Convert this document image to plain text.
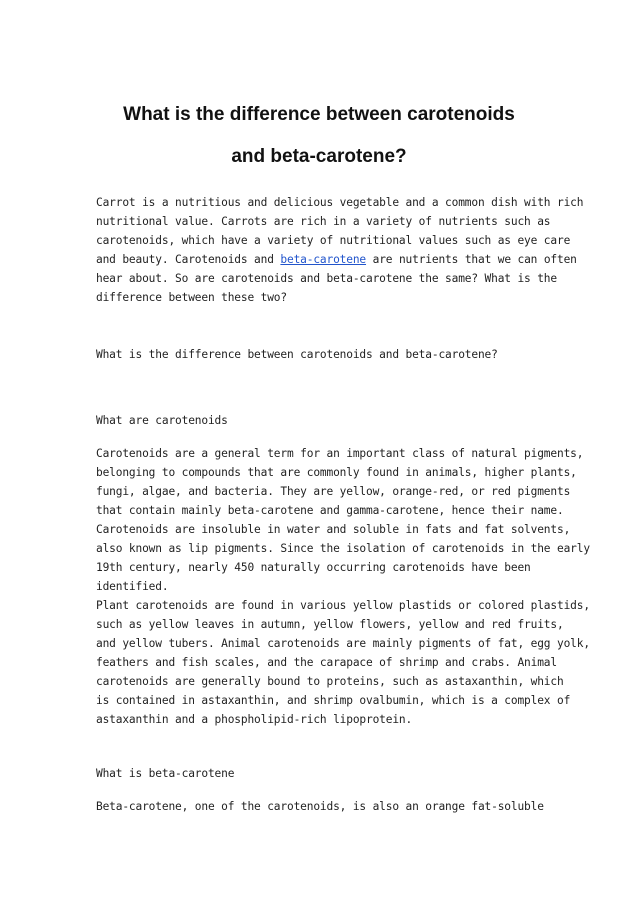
What is the difference between carotenoids
and beta-carotene?
Carrot is a nutritious and delicious vegetable and a common dish with rich
nutritional value. Carrots are rich in a variety of nutrients such as
carotenoids, which have a variety of nutritional values such as eye care
and beauty. Carotenoids and beta-carotene are nutrients that we can often
hear about. So are carotenoids and beta-carotene the same? What is the
difference between these two?
What is the difference between carotenoids and beta-carotene?
What are carotenoids
Carotenoids are a general term for an important class of natural pigments,
belonging to compounds that are commonly found in animals, higher plants,
fungi, algae, and bacteria. They are yellow, orange-red, or red pigments
that contain mainly beta-carotene and gamma-carotene, hence their name.
Carotenoids are insoluble in water and soluble in fats and fat solvents,
also known as lip pigments. Since the isolation of carotenoids in the early
19th century, nearly 450 naturally occurring carotenoids have been
identified.
Plant carotenoids are found in various yellow plastids or colored plastids,
such as yellow leaves in autumn, yellow flowers, yellow and red fruits,
and yellow tubers. Animal carotenoids are mainly pigments of fat, egg yolk,
feathers and fish scales, and the carapace of shrimp and crabs. Animal
carotenoids are generally bound to proteins, such as astaxanthin, which
is contained in astaxanthin, and shrimp ovalbumin, which is a complex of
astaxanthin and a phospholipid-rich lipoprotein.
What is beta-carotene
Beta-carotene, one of the carotenoids, is also an orange fat-soluble
